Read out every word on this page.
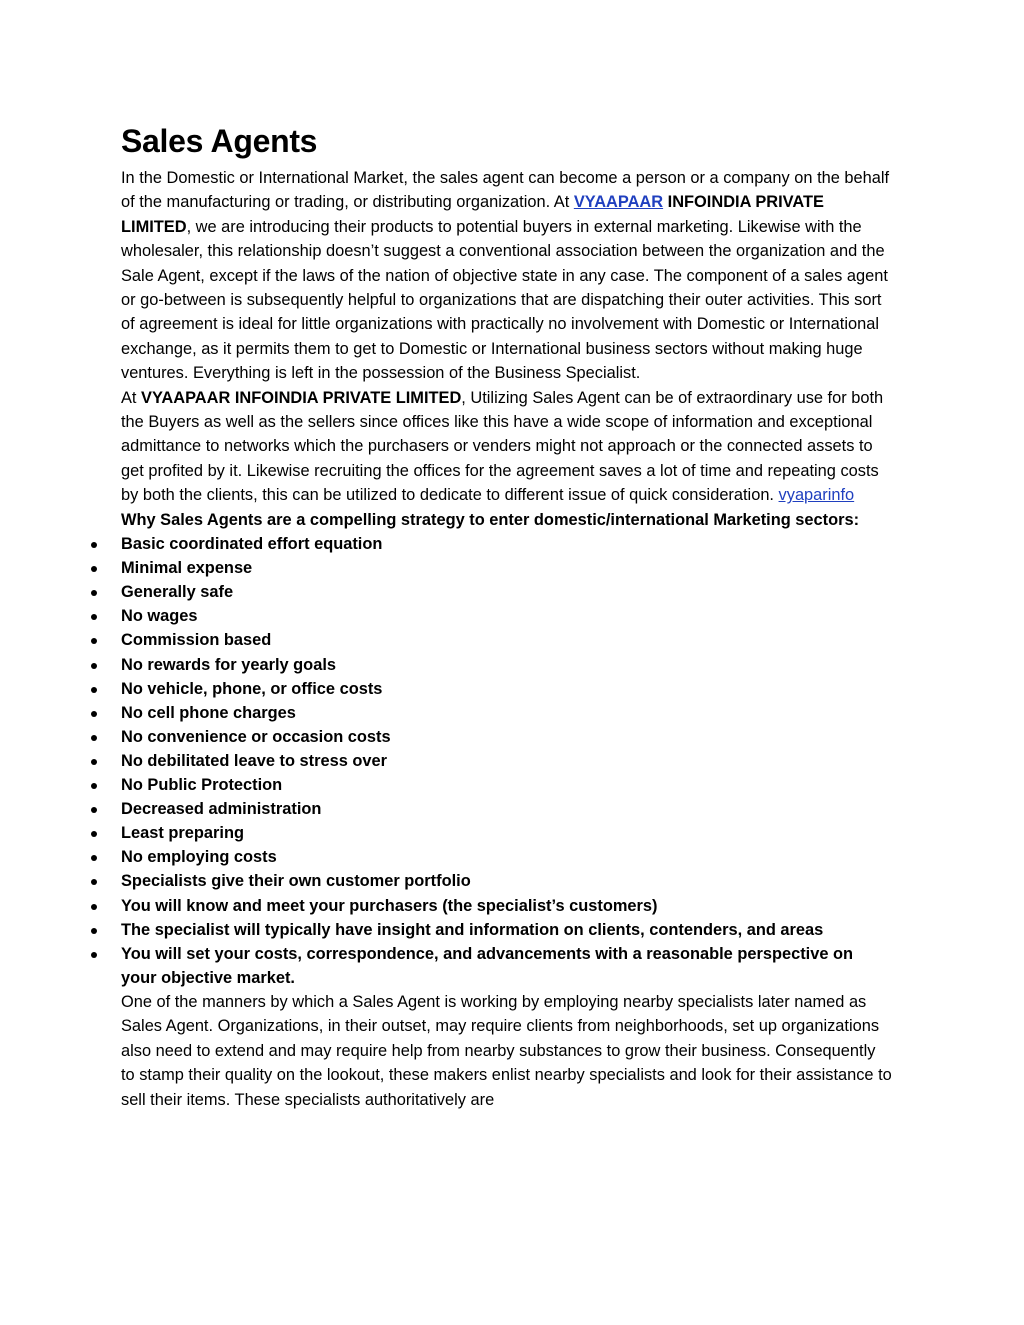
Sales Agents

In the Domestic or International Market, the sales agent can become a person or a company on the behalf of the manufacturing or trading, or distributing organization. At VYAAPAAR INFOINDIA PRIVATE LIMITED, we are introducing their products to potential buyers in external marketing. Likewise with the wholesaler, this relationship doesn’t suggest a conventional association between the organization and the Sale Agent, except if the laws of the nation of objective state in any case. The component of a sales agent or go-between is subsequently helpful to organizations that are dispatching their outer activities. This sort of agreement is ideal for little organizations with practically no involvement with Domestic or International exchange, as it permits them to get to Domestic or International business sectors without making huge ventures. Everything is left in the possession of the Business Specialist.

At VYAAPAAR INFOINDIA PRIVATE LIMITED, Utilizing Sales Agent can be of extraordinary use for both the Buyers as well as the sellers since offices like this have a wide scope of information and exceptional admittance to networks which the purchasers or venders might not approach or the connected assets to get profited by it. Likewise recruiting the offices for the agreement saves a lot of time and repeating costs by both the clients, this can be utilized to dedicate to different issue of quick consideration. vyaparinfo

Why Sales Agents are a compelling strategy to enter domestic/international Marketing sectors:

Basic coordinated effort equation
Minimal expense
Generally safe
No wages
Commission based
No rewards for yearly goals
No vehicle, phone, or office costs
No cell phone charges
No convenience or occasion costs
No debilitated leave to stress over
No Public Protection
Decreased administration
Least preparing
No employing costs
Specialists give their own customer portfolio
You will know and meet your purchasers (the specialist’s customers)
The specialist will typically have insight and information on clients, contenders, and areas
You will set your costs, correspondence, and advancements with a reasonable perspective on your objective market.

One of the manners by which a Sales Agent is working by employing nearby specialists later named as Sales Agent. Organizations, in their outset, may require clients from neighborhoods, set up organizations also need to extend and may require help from nearby substances to grow their business. Consequently to stamp their quality on the lookout, these makers enlist nearby specialists and look for their assistance to sell their items. These specialists authoritatively are
